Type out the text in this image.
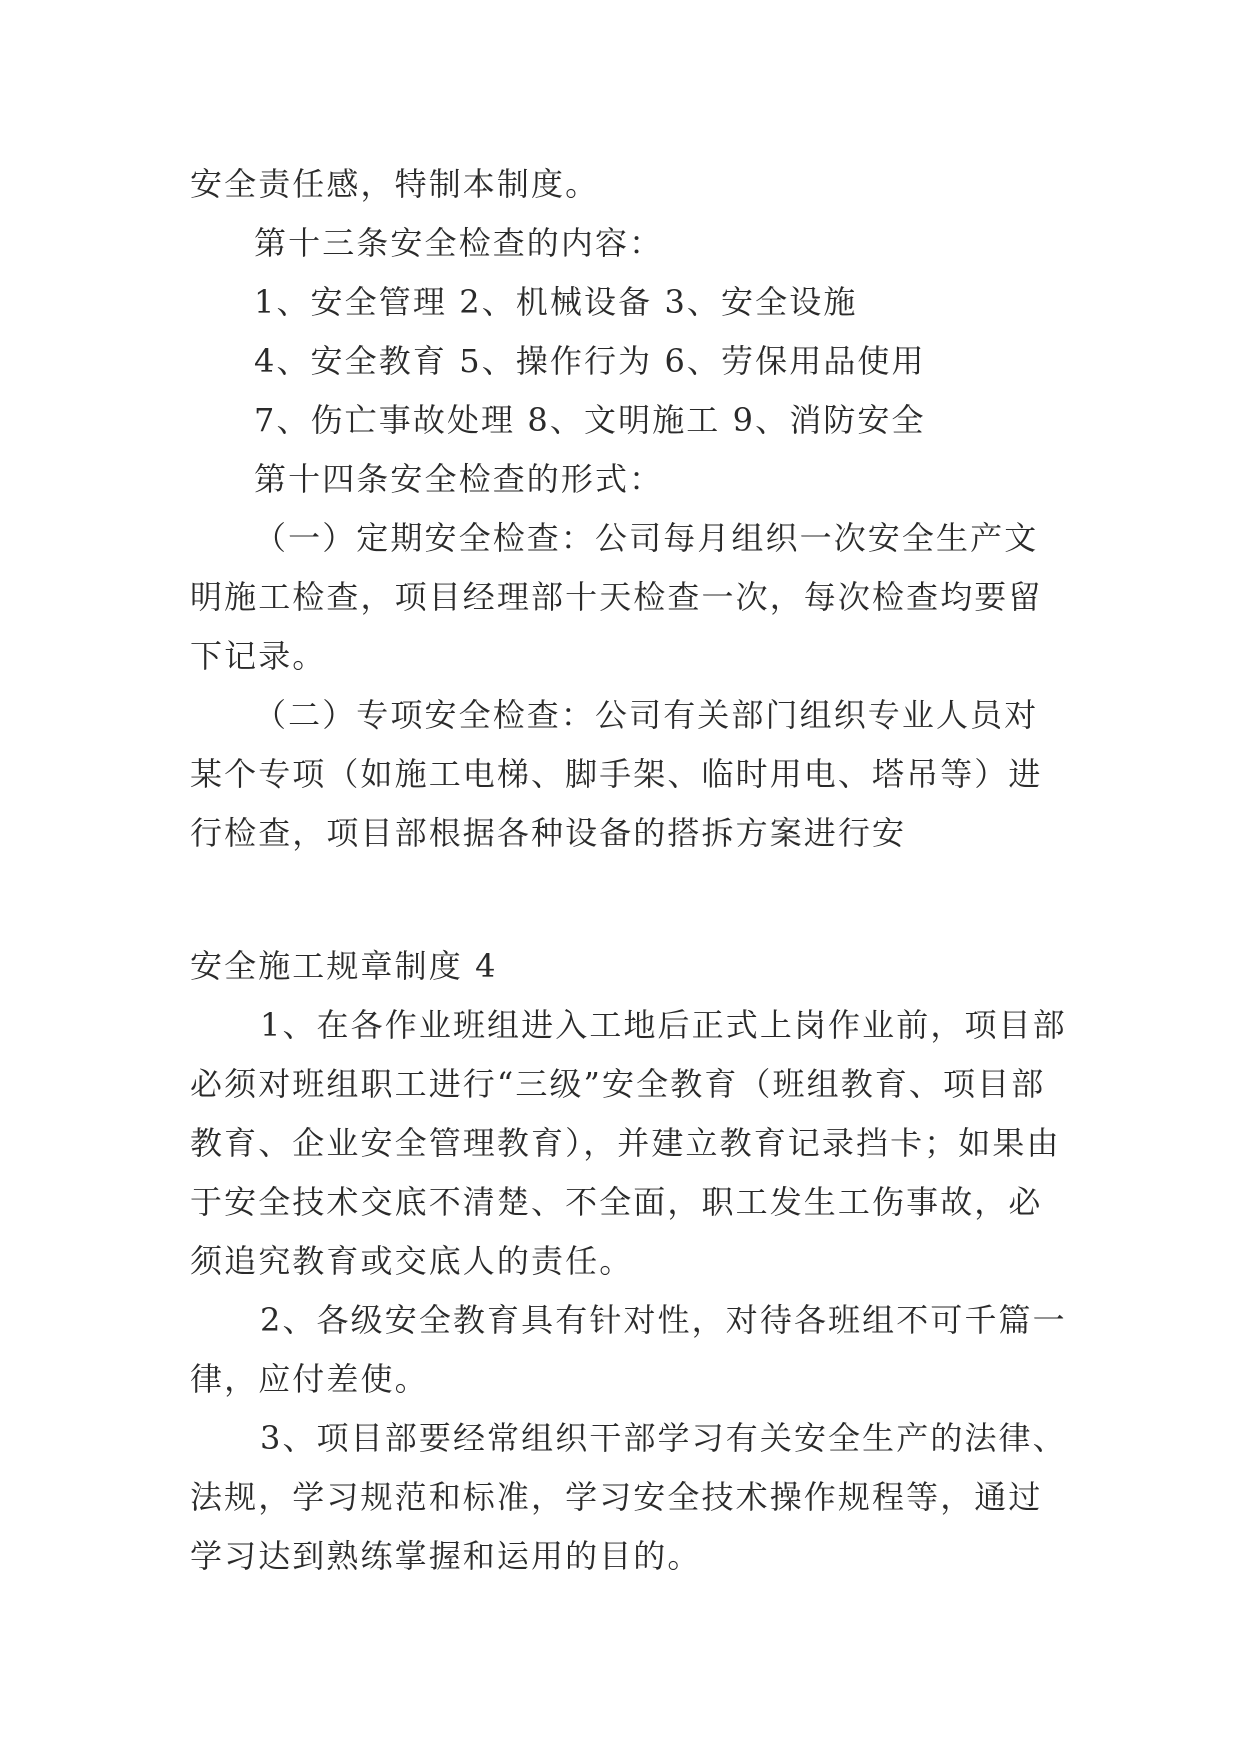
安全责任感，特制本制度。

第十三条安全检查的内容：

1、安全管理 2、机械设备 3、安全设施

4、安全教育 5、操作行为 6、劳保用品使用

7、伤亡事故处理 8、文明施工 9、消防安全

第十四条安全检查的形式：

（一）定期安全检查：公司每月组织一次安全生产文明施工检查，项目经理部十天检查一次，每次检查均要留下记录。

（二）专项安全检查：公司有关部门组织专业人员对某个专项（如施工电梯、脚手架、临时用电、塔吊等）进行检查，项目部根据各种设备的搭拆方案进行安

安全施工规章制度 4

1、在各作业班组进入工地后正式上岗作业前，项目部必须对班组职工进行“三级”安全教育（班组教育、项目部教育、企业安全管理教育），并建立教育记录挡卡；如果由于安全技术交底不清楚、不全面，职工发生工伤事故，必须追究教育或交底人的责任。

2、各级安全教育具有针对性，对待各班组不可千篇一律，应付差使。

3、项目部要经常组织干部学习有关安全生产的法律、法规，学习规范和标准，学习安全技术操作规程等，通过学习达到熟练掌握和运用的目的。
